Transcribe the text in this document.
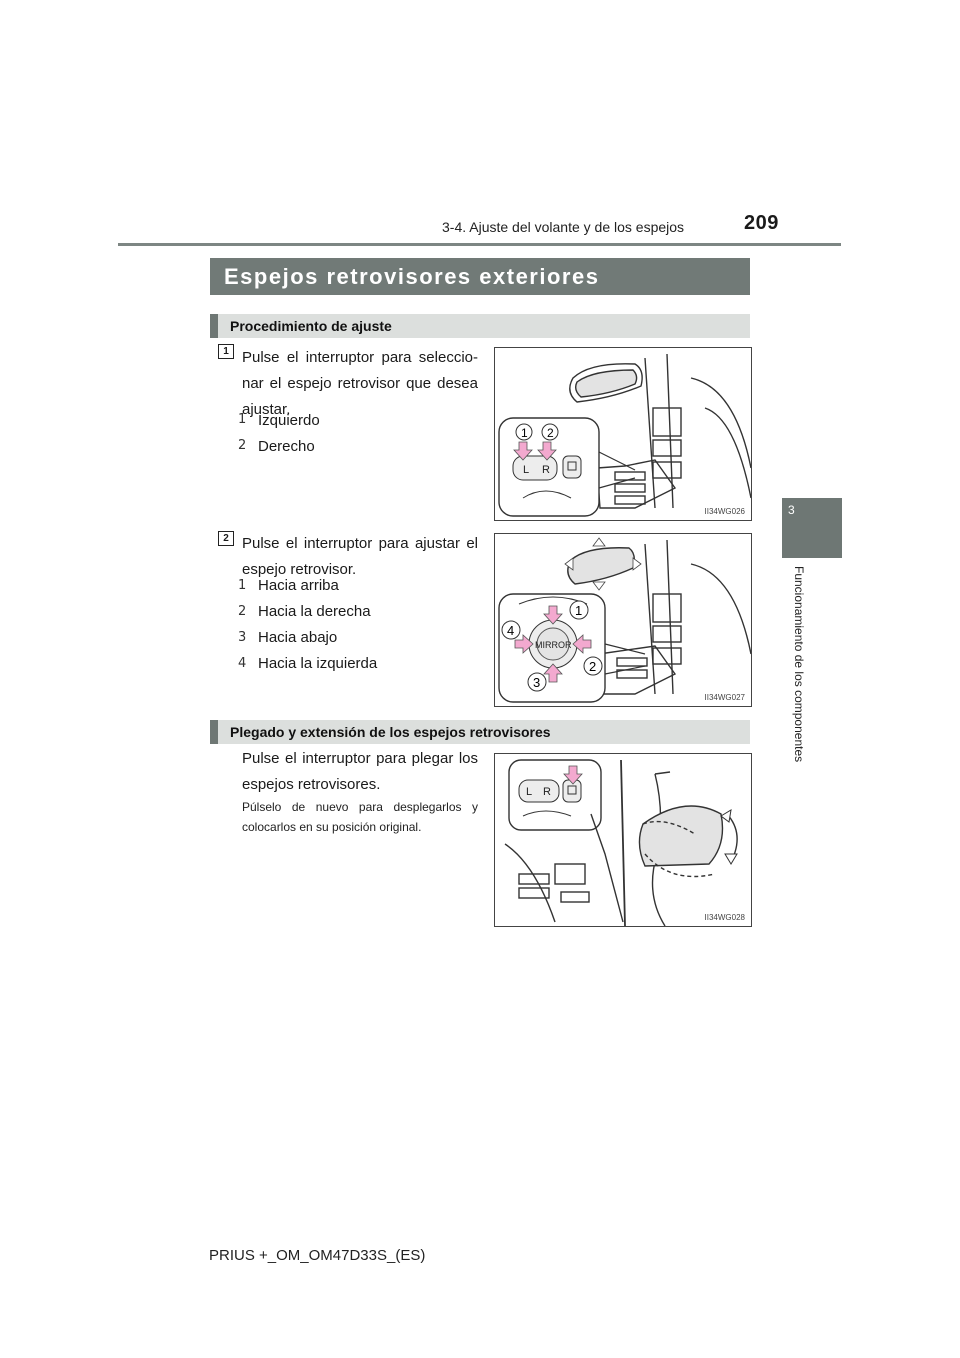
209
3-4. Ajuste del volante y de los espejos
3
Funcionamiento de los componentes
Espejos retrovisores exteriores
Procedimiento de ajuste
1 Pulse el interruptor para seleccio-nar el espejo retrovisor que desea ajustar.
1 Izquierdo
2 Derecho
L R
1 2
II34WG026
2 Pulse el interruptor para ajustar el espejo retrovisor.
1 Hacia arriba
2 Hacia la derecha
3 Hacia abajo
4 Hacia la izquierda
MIRROR
1
2
3
4
II34WG027
Plegado y extensión de los espejos retrovisores
Pulse el interruptor para plegar los espejos retrovisores.
Púlselo de nuevo para desplegarlos y colocarlos en su posición original.
L R
II34WG028
PRIUS +_OM_OM47D33S_(ES)
